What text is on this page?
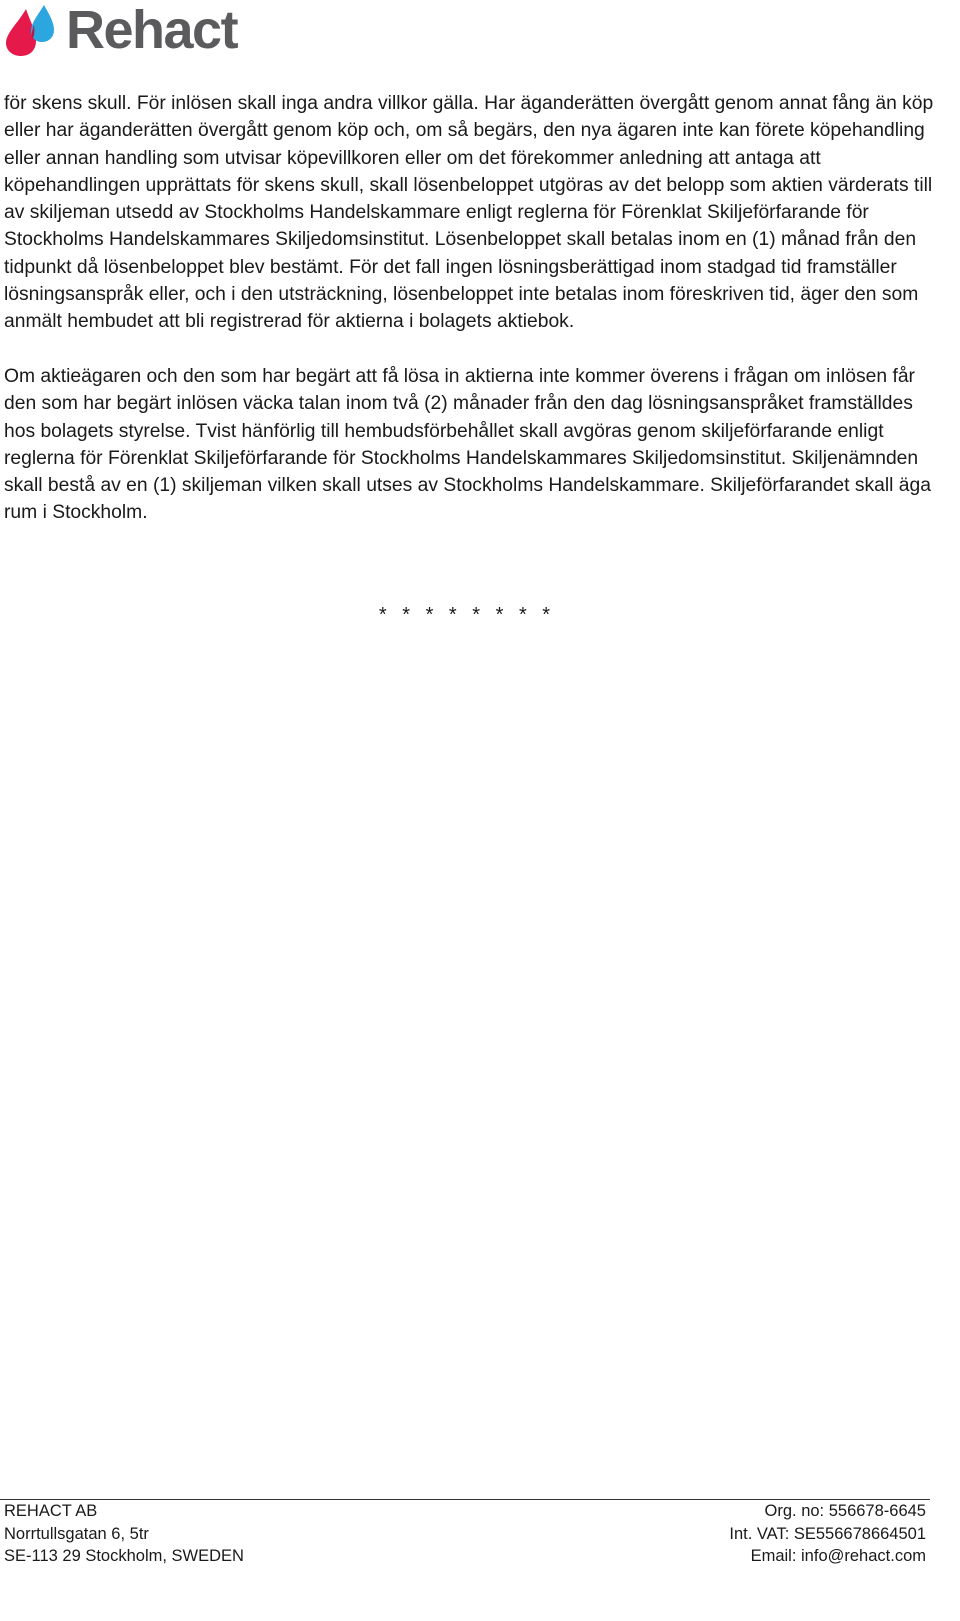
Rehact

för skens skull. För inlösen skall inga andra villkor gälla. Har äganderätten övergått genom annat fång än köp eller har äganderätten övergått genom köp och, om så begärs, den nya ägaren inte kan förete köpehandling eller annan handling som utvisar köpevillkoren eller om det förekommer anledning att antaga att köpehandlingen upprättats för skens skull, skall lösenbeloppet utgöras av det belopp som aktien värderats till av skiljeman utsedd av Stockholms Handelskammare enligt reglerna för Förenklat Skiljeförfarande för Stockholms Handelskammares Skiljedomsinstitut. Lösenbeloppet skall betalas inom en (1) månad från den tidpunkt då lösenbeloppet blev bestämt. För det fall ingen lösningsberättigad inom stadgad tid framställer lösningsanspråk eller, och i den utsträckning, lösenbeloppet inte betalas inom föreskriven tid, äger den som anmält hembudet att bli registrerad för aktierna i bolagets aktiebok.

Om aktieägaren och den som har begärt att få lösa in aktierna inte kommer överens i frågan om inlösen får den som har begärt inlösen väcka talan inom två (2) månader från den dag lösningsanspråket framställdes hos bolagets styrelse. Tvist hänförlig till hembudsförbehållet skall avgöras genom skiljeförfarande enligt reglerna för Förenklat Skiljeförfarande för Stockholms Handelskammares Skiljedomsinstitut. Skiljenämnden skall bestå av en (1) skiljeman vilken skall utses av Stockholms Handelskammare. Skiljeförfarandet skall äga rum i Stockholm.

* * * * * * * *
REHACT AB
Norrtullsgatan 6, 5tr
SE-113 29 Stockholm, SWEDEN
Org. no: 556678-6645
Int. VAT: SE556678664501
Email: info@rehact.com
